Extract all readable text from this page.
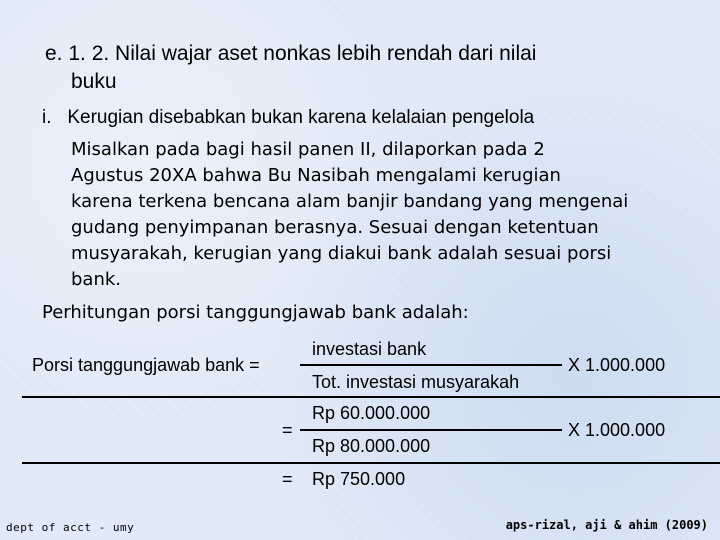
e. 1. 2. Nilai wajar aset nonkas lebih rendah dari nilai
buku
i.   Kerugian disebabkan bukan karena kelalaian pengelola
Misalkan pada bagi hasil panen II, dilaporkan pada 2
Agustus 20XA bahwa Bu Nasibah mengalami kerugian
karena terkena bencana alam banjir bandang yang mengenai
gudang penyimpanan berasnya. Sesuai dengan ketentuan
musyarakah, kerugian yang diakui bank adalah sesuai porsi
bank.
Perhitungan porsi tanggungjawab bank adalah:
Porsi tanggungjawab bank =
investasi bank
Tot. investasi musyarakah
X 1.000.000
=
Rp 60.000.000
Rp 80.000.000
X 1.000.000
= Rp 750.000
dept of acct - umy	aps-rizal, aji & ahim (2009)
